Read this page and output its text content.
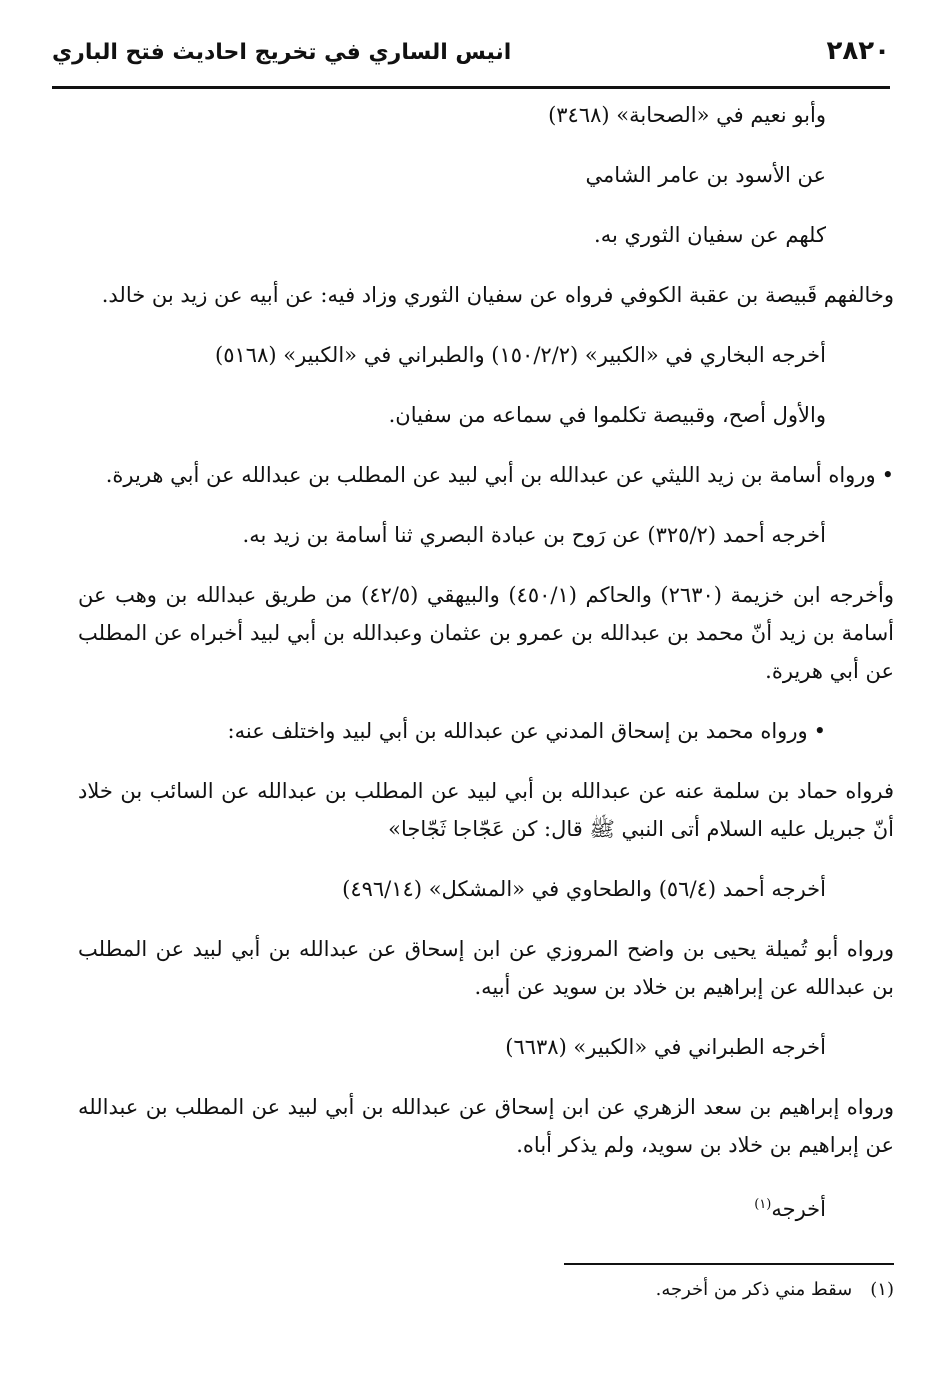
٢٨٢٠
انيس الساري في تخريج احاديث فتح الباري

وأبو نعيم في «الصحابة» (٣٤٦٨)

عن الأسود بن عامر الشامي

كلهم عن سفيان الثوري به.

وخالفهم قَبيصة بن عقبة الكوفي فرواه عن سفيان الثوري وزاد فيه: عن أبيه عن زيد بن خالد.

أخرجه البخاري في «الكبير» (١٥٠/٢/٢) والطبراني في «الكبير» (٥١٦٨)

والأول أصح، وقبيصة تكلموا في سماعه من سفيان.

•ورواه أسامة بن زيد الليثي عن عبدالله بن أبي لبيد عن المطلب بن عبدالله عن أبي هريرة.

أخرجه أحمد (٣٢٥/٢) عن رَوح بن عبادة البصري ثنا أسامة بن زيد به.

وأخرجه ابن خزيمة (٢٦٣٠) والحاكم (٤٥٠/١) والبيهقي (٤٢/٥) من طريق عبدالله بن وهب عن أسامة بن زيد أنّ محمد بن عبدالله بن عمرو بن عثمان وعبدالله بن أبي لبيد أخبراه عن المطلب عن أبي هريرة.

•ورواه محمد بن إسحاق المدني عن عبدالله بن أبي لبيد واختلف عنه:

فرواه حماد بن سلمة عنه عن عبدالله بن أبي لبيد عن المطلب بن عبدالله عن السائب بن خلاد أنّ جبريل عليه السلام أتى النبي ﷺ قال: كن عَجّاجا ثَجّاجا»

أخرجه أحمد (٥٦/٤) والطحاوي في «المشكل» (٤٩٦/١٤)

ورواه أبو تُميلة يحيى بن واضح المروزي عن ابن إسحاق عن عبدالله بن أبي لبيد عن المطلب بن عبدالله عن إبراهيم بن خلاد بن سويد عن أبيه.

أخرجه الطبراني في «الكبير» (٦٦٣٨)

ورواه إبراهيم بن سعد الزهري عن ابن إسحاق عن عبدالله بن أبي لبيد عن المطلب بن عبدالله عن إبراهيم بن خلاد بن سويد، ولم يذكر أباه.

أخرجه$^{(١)}$

(١)سقط مني ذكر من أخرجه.
